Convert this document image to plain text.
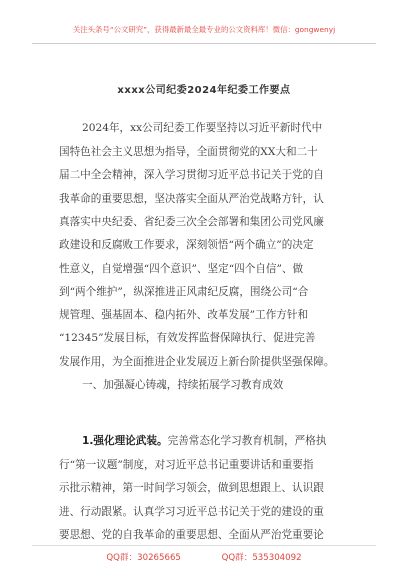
关注头条号“公文研究”，获得最新最全最专业的公文资料库！微信：gongwenyj
xxxx公司纪委2024年纪委工作要点
2024年，xx公司纪委工作要坚持以习近平新时代中
国特色社会主义思想为指导，全面贯彻党的XX大和二十
届二中全会精神，深入学习贯彻习近平总书记关于党的自
我革命的重要思想，坚决落实全面从严治党战略方针，认
真落实中央纪委、省纪委三次全会部署和集团公司党风廉
政建设和反腐败工作要求，深刻领悟“两个确立”的决定
性意义，自觉增强“四个意识”、坚定“四个自信”、做
到“两个维护”，纵深推进正风肃纪反腐，围绕公司“合
规管理、强基固本、稳内拓外、改革发展”工作方针和
“12345”发展目标，有效发挥监督保障执行、促进完善
发展作用，为全面推进企业发展迈上新台阶提供坚强保障。
一、加强凝心铸魂，持续拓展学习教育成效
1.强化理论武装。完善常态化学习教育机制，严格执
行“第一议题”制度，对习近平总书记重要讲话和重要指
示批示精神，第一时间学习领会，做到思想跟上、认识跟
进、行动跟紧。认真学习习近平总书记关于党的建设的重
要思想、党的自我革命的重要思想、全面从严治党重要论
QQ群：30265665	QQ群：535304092
